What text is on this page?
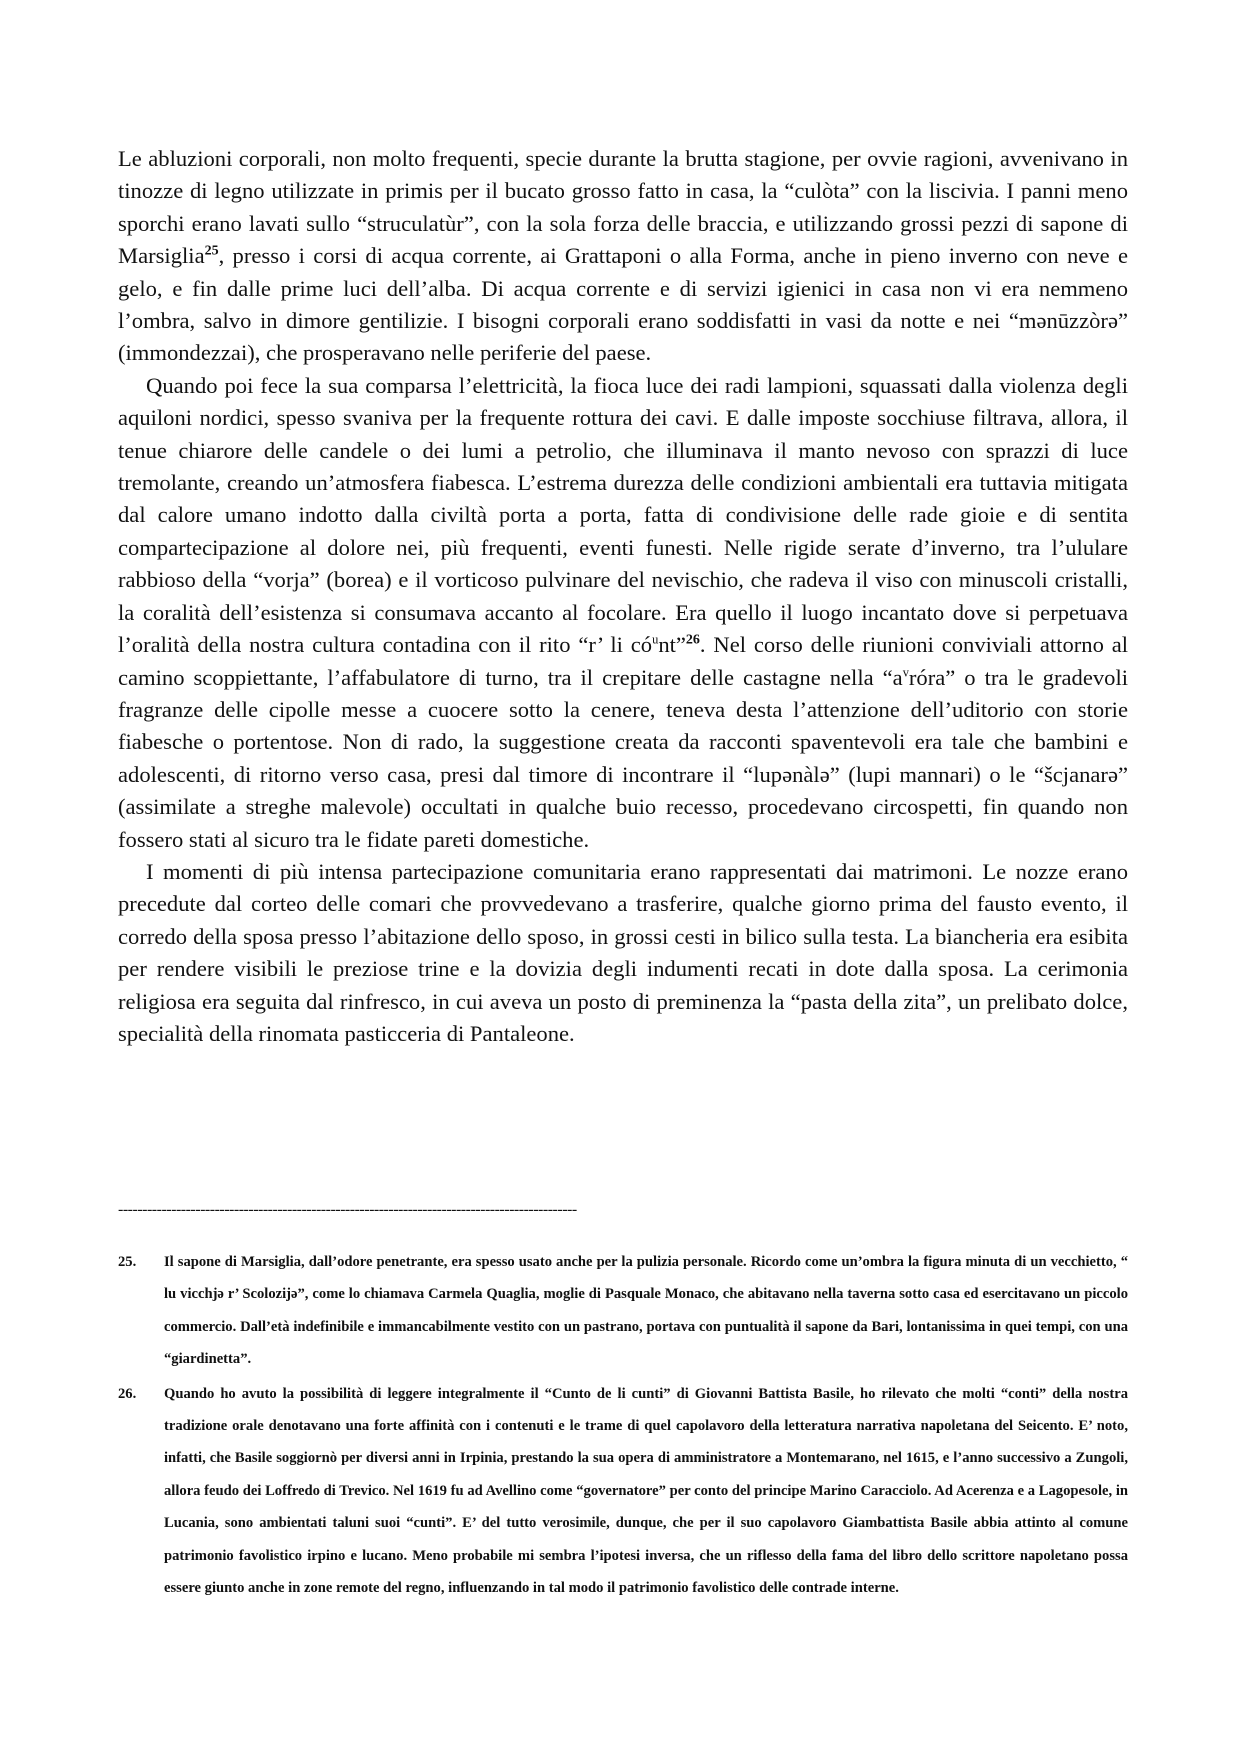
Le abluzioni corporali, non molto frequenti, specie durante la brutta stagione, per ovvie ragioni, avvenivano in tinozze di legno utilizzate in primis per il bucato grosso fatto in casa, la “culòta” con la liscivia. I panni meno sporchi erano lavati sullo “struculatùr”, con la sola forza delle braccia, e utilizzando grossi pezzi di sapone di Marsiglia$^{25}$, presso i corsi di acqua corrente, ai Grattaponi o alla Forma, anche in pieno inverno con neve e gelo, e fin dalle prime luci dell’alba. Di acqua corrente e di servizi igienici in casa non vi era nemmeno l’ombra, salvo in dimore gentilizie. I bisogni corporali erano soddisfatti in vasi da notte e nei “mənūzzòrə” (immondezzai), che prosperavano nelle periferie del paese.

Quando poi fece la sua comparsa l’elettricità, la fioca luce dei radi lampioni, squassati dalla violenza degli aquiloni nordici, spesso svaniva per la frequente rottura dei cavi. E dalle imposte socchiuse filtrava, allora, il tenue chiarore delle candele o dei lumi a petrolio, che illuminava il manto nevoso con sprazzi di luce tremolante, creando un’atmosfera fiabesca. L’estrema durezza delle condizioni ambientali era tuttavia mitigata dal calore umano indotto dalla civiltà porta a porta, fatta di condivisione delle rade gioie e di sentita compartecipazione al dolore nei, più frequenti, eventi funesti. Nelle rigide serate d’inverno, tra l’ululare rabbioso della “vorja” (borea) e il vorticoso pulvinare del nevischio, che radeva il viso con minuscoli cristalli, la coralità dell’esistenza si consumava accanto al focolare. Era quello il luogo incantato dove si perpetuava l’oralità della nostra cultura contadina con il rito “r’ li $có^unt”^{26}$. Nel corso delle riunioni conviviali attorno al camino scoppiettante, l’affabulatore di turno, tra il crepitare delle castagne nella “$a^vróra$” o tra le gradevoli fragranze delle cipolle messe a cuocere sotto la cenere, teneva desta l’attenzione dell’uditorio con storie fiabesche o portentose. Non di rado, la suggestione creata da racconti spaventevoli era tale che bambini e adolescenti, di ritorno verso casa, presi dal timore di incontrare il “lupənàlə” (lupi mannari) o le “šcjanarə” (assimilate a streghe malevole) occultati in qualche buio recesso, procedevano circospetti, fin quando non fossero stati al sicuro tra le fidate pareti domestiche.

I momenti di più intensa partecipazione comunitaria erano rappresentati dai matrimoni. Le nozze erano precedute dal corteo delle comari che provvedevano a trasferire, qualche giorno prima del fausto evento, il corredo della sposa presso l’abitazione dello sposo, in grossi cesti in bilico sulla testa. La biancheria era esibita per rendere visibili le preziose trine e la dovizia degli indumenti recati in dote dalla sposa. La cerimonia religiosa era seguita dal rinfresco, in cui aveva un posto di preminenza la “pasta della zita”, un prelibato dolce, specialità della rinomata pasticceria di Pantaleone.

-----------------------------------------------------------------------------------------------
25.	Il sapone di Marsiglia, dall’odore penetrante, era spesso usato anche per la pulizia personale. Ricordo come un’ombra la figura minuta di un vecchietto, “ lu vicchjə r’ Scolozijə”, come lo chiamava Carmela Quaglia, moglie di Pasquale Monaco, che abitavano nella taverna sotto casa ed esercitavano un piccolo commercio. Dall’età indefinibile e immancabilmente vestito con un pastrano, portava con puntualità il sapone da Bari, lontanissima in quei tempi, con una “giardinetta”.
26.	Quando ho avuto la possibilità di leggere integralmente il “Cunto de li cunti” di Giovanni Battista Basile, ho rilevato che molti “conti” della nostra tradizione orale denotavano una forte affinità con i contenuti e le trame di quel capolavoro della letteratura narrativa napoletana del Seicento. E’ noto, infatti, che Basile soggiornò per diversi anni in Irpinia, prestando la sua opera di amministratore a Montemarano, nel 1615, e l’anno successivo a Zungoli, allora feudo dei Loffredo di Trevico. Nel 1619 fu ad Avellino come “governatore” per conto del principe Marino Caracciolo. Ad Acerenza e a Lagopesole, in Lucania, sono ambientati taluni suoi “cunti”. E’ del tutto verosimile, dunque, che per il suo capolavoro Giambattista Basile abbia attinto al comune patrimonio favolistico irpino e lucano. Meno probabile mi sembra l’ipotesi inversa, che un riflesso della fama del libro dello scrittore napoletano possa essere giunto anche in zone remote del regno, influenzando in tal modo il patrimonio favolistico delle contrade interne.
